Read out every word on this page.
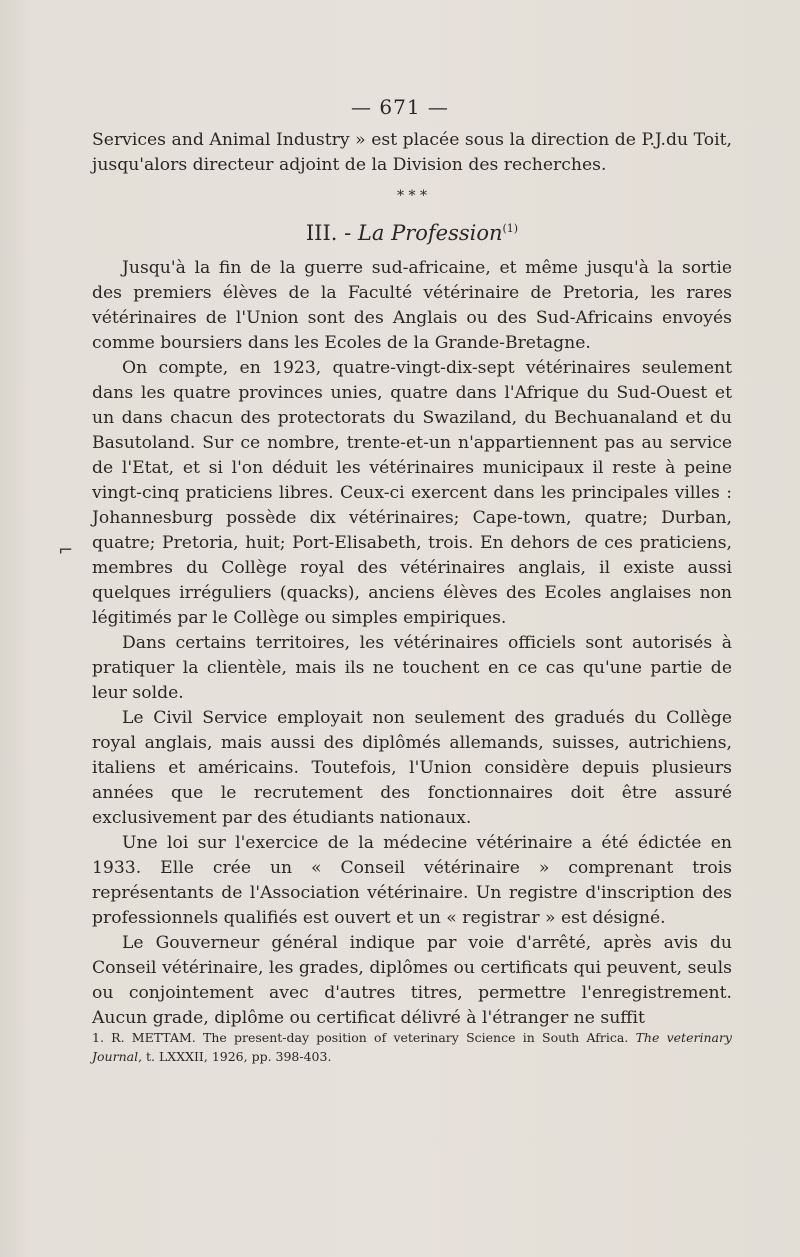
— 671 —
⌐

Services and Animal Industry » est placée sous la direction de P.J.du Toit, jusqu'alors directeur adjoint de la Division des recherches.

* * *
III. - La Profession$^{(1)}$

Jusqu'à la fin de la guerre sud-africaine, et même jusqu'à la sortie des premiers élèves de la Faculté vétérinaire de Pretoria, les rares vétérinaires de l'Union sont des Anglais ou des Sud-Africains envoyés comme boursiers dans les Ecoles de la Grande-Bretagne.

On compte, en 1923, quatre-vingt-dix-sept vétérinaires seulement dans les quatre provinces unies, quatre dans l'Afrique du Sud-Ouest et un dans chacun des protectorats du Swaziland, du Bechuanaland et du Basutoland. Sur ce nombre, trente-et-un n'appartiennent pas au service de l'Etat, et si l'on déduit les vétérinaires municipaux il reste à peine vingt-cinq praticiens libres. Ceux-ci exercent dans les principales villes : Johannesburg possède dix vétérinaires; Cape-town, quatre; Durban, quatre; Pretoria, huit; Port-Elisabeth, trois. En dehors de ces praticiens, membres du Collège royal des vétérinaires anglais, il existe aussi quelques irréguliers (quacks), anciens élèves des Ecoles anglaises non légitimés par le Collège ou simples empiriques.

Dans certains territoires, les vétérinaires officiels sont autorisés à pratiquer la clientèle, mais ils ne touchent en ce cas qu'une partie de leur solde.

Le Civil Service employait non seulement des gradués du Collège royal anglais, mais aussi des diplômés allemands, suisses, autrichiens, italiens et américains. Toutefois, l'Union considère depuis plusieurs années que le recrutement des fonctionnaires doit être assuré exclusivement par des étudiants nationaux.

Une loi sur l'exercice de la médecine vétérinaire a été édictée en 1933. Elle crée un « Conseil vétérinaire » comprenant trois représentants de l'Association vétérinaire. Un registre d'inscription des professionnels qualifiés est ouvert et un « registrar » est désigné.

Le Gouverneur général indique par voie d'arrêté, après avis du Conseil vétérinaire, les grades, diplômes ou certificats qui peuvent, seuls ou conjointement avec d'autres titres, permettre l'enregistrement. Aucun grade, diplôme ou certificat délivré à l'étranger ne suffit

1. R. METTAM. The present-day position of veterinary Science in South Africa. The veterinary Journal, t. LXXXII, 1926, pp. 398-403.
